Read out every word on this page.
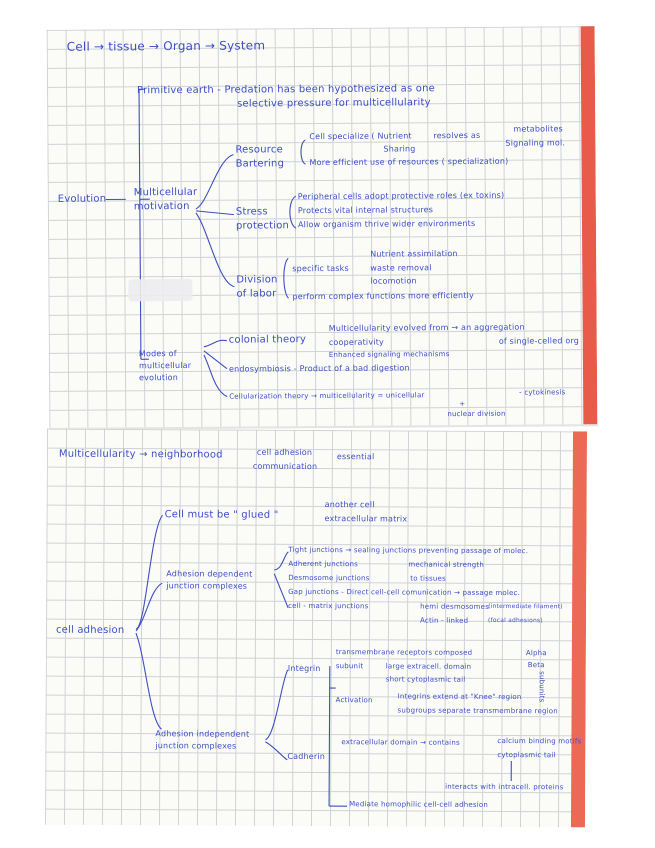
Cell → tissue → Organ → System
Primitive earth - Predation has been hypothesized as one
selective pressure for multicellularity
Evolution
Multicellular
motivation
Resource
Bartering
Cell specialize ( Nutrient
Sharing
resolves as
metabolites
Signaling mol.
More efficient use of resources ( specialization)
Stress
protection
Peripheral cells adopt protective roles (ex toxins)
Protects vital internal structures
Allow organism thrive wider environments
Division
of labor
specific tasks
Nutrient assimilation
waste removal
locomotion
perform complex functions more efficiently
Modes of
multicellular
evolution
colonial theory
Multicellularity evolved from → an aggregation
of single-celled org
cooperativity
Enhanced signaling mechanisms
endosymbiosis - Product of a bad digestion
Cellularization theory → multicellularity = unicellular	- cytokinesis
+
nuclear division
Multicellularity → neighborhood	cell adhesion
communication
essential
Cell must be " glued "
another cell
extracellular matrix
cell adhesion
Adhesion dependent
junction complexes
Tight junctions → sealing junctions preventing passage of molec.
Adherent junctions	mechanical strength
Desmosome junctions	to tissues
Gap junctions - Direct cell-cell comunication → passage molec.
cell - matrix junctions	hemi desmosomes (intermediate filament)
Actin - linked	(focal adhesions)
Adhesion independent
junction complexes
Integrin
transmembrane receptors composed
subunit	large extracell. domain
short cytoplasmic tail
Alpha
Beta
subunits
Activation	Integrins extend at "Knee" region
subgroups separate transmembrane region
Cadherin
extracellular domain → contains	calcium binding motifs
cytoplasmic tail
interacts with intracell. proteins
Mediate homophilic cell-cell adhesion
